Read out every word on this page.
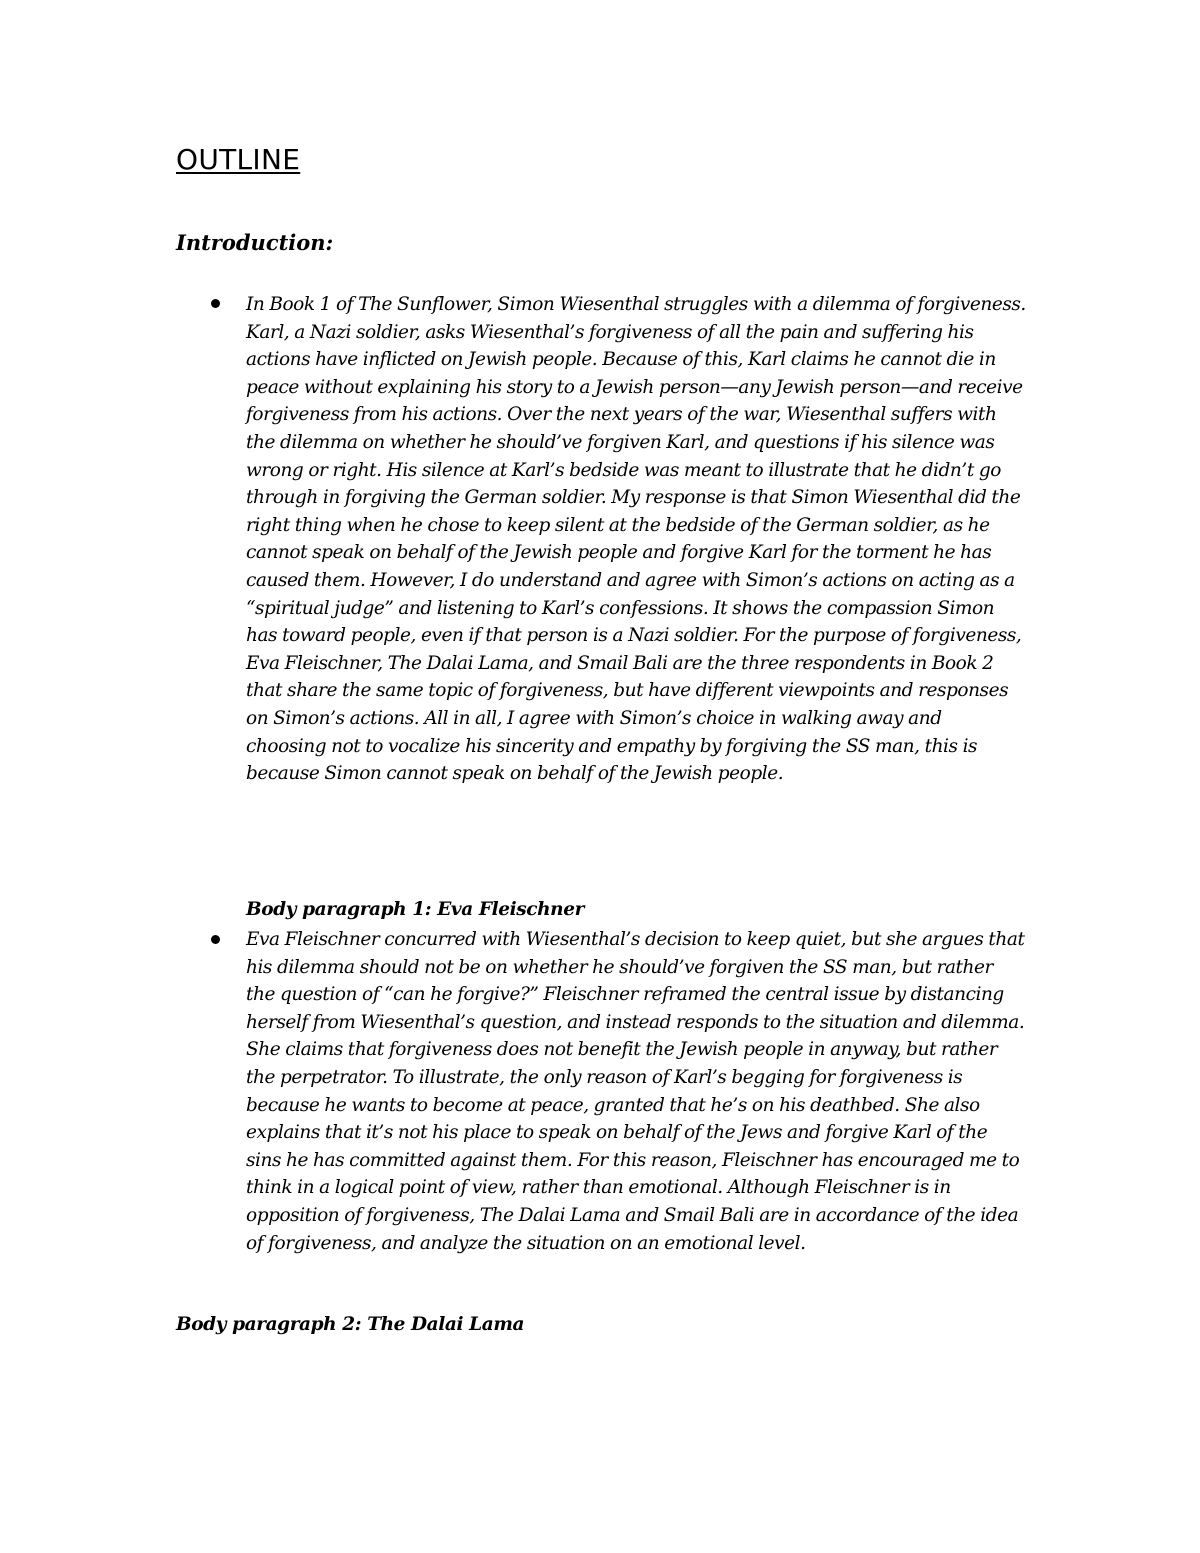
OUTLINE
Introduction:

In Book 1 of The Sunflower, Simon Wiesenthal struggles with a dilemma of forgiveness. Karl, a Nazi soldier, asks Wiesenthal’s forgiveness of all the pain and suffering his actions have inflicted on Jewish people. Because of this, Karl claims he cannot die in peace without explaining his story to a Jewish person—any Jewish person—and receive forgiveness from his actions. Over the next years of the war, Wiesenthal suffers with the dilemma on whether he should’ve forgiven Karl, and questions if his silence was wrong or right. His silence at Karl’s bedside was meant to illustrate that he didn’t go through in forgiving the German soldier. My response is that Simon Wiesenthal did the right thing when he chose to keep silent at the bedside of the German soldier, as he cannot speak on behalf of the Jewish people and forgive Karl for the torment he has caused them. However, I do understand and agree with Simon’s actions on acting as a “spiritual judge” and listening to Karl’s confessions. It shows the compassion Simon has toward people, even if that person is a Nazi soldier. For the purpose of forgiveness, Eva Fleischner, The Dalai Lama, and Smail Bali are the three respondents in Book 2 that share the same topic of forgiveness, but have different viewpoints and responses on Simon’s actions. All in all, I agree with Simon’s choice in walking away and choosing not to vocalize his sincerity and empathy by forgiving the SS man, this is because Simon cannot speak on behalf of the Jewish people.

Body paragraph 1: Eva Fleischner

Eva Fleischner concurred with Wiesenthal’s decision to keep quiet, but she argues that his dilemma should not be on whether he should’ve forgiven the SS man, but rather the question of “can he forgive?” Fleischner reframed the central issue by distancing herself from Wiesenthal’s question, and instead responds to the situation and dilemma. She claims that forgiveness does not benefit the Jewish people in anyway, but rather the perpetrator. To illustrate, the only reason of Karl’s begging for forgiveness is because he wants to become at peace, granted that he’s on his deathbed. She also explains that it’s not his place to speak on behalf of the Jews and forgive Karl of the sins he has committed against them. For this reason, Fleischner has encouraged me to think in a logical point of view, rather than emotional. Although Fleischner is in opposition of forgiveness, The Dalai Lama and Smail Bali are in accordance of the idea of forgiveness, and analyze the situation on an emotional level.

Body paragraph 2: The Dalai Lama
